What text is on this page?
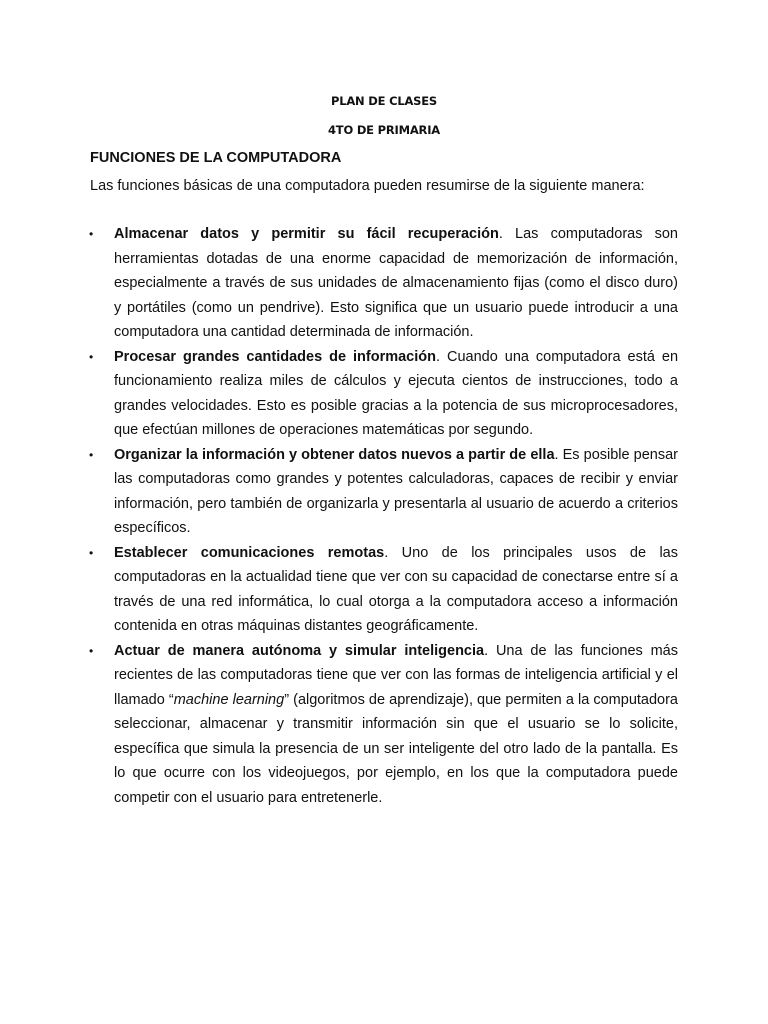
PLAN DE CLASES
4TO DE PRIMARIA
FUNCIONES DE LA COMPUTADORA
Las funciones básicas de una computadora pueden resumirse de la siguiente manera:
• Almacenar datos y permitir su fácil recuperación. Las computadoras son herramientas dotadas de una enorme capacidad de memorización de información, especialmente a través de sus unidades de almacenamiento fijas (como el disco duro) y portátiles (como un pendrive). Esto significa que un usuario puede introducir a una computadora una cantidad determinada de información.
• Procesar grandes cantidades de información. Cuando una computadora está en funcionamiento realiza miles de cálculos y ejecuta cientos de instrucciones, todo a grandes velocidades. Esto es posible gracias a la potencia de sus microprocesadores, que efectúan millones de operaciones matemáticas por segundo.
• Organizar la información y obtener datos nuevos a partir de ella. Es posible pensar las computadoras como grandes y potentes calculadoras, capaces de recibir y enviar información, pero también de organizarla y presentarla al usuario de acuerdo a criterios específicos.
• Establecer comunicaciones remotas. Uno de los principales usos de las computadoras en la actualidad tiene que ver con su capacidad de conectarse entre sí a través de una red informática, lo cual otorga a la computadora acceso a información contenida en otras máquinas distantes geográficamente.
• Actuar de manera autónoma y simular inteligencia. Una de las funciones más recientes de las computadoras tiene que ver con las formas de inteligencia artificial y el llamado “machine learning” (algoritmos de aprendizaje), que permiten a la computadora seleccionar, almacenar y transmitir información sin que el usuario se lo solicite, específica que simula la presencia de un ser inteligente del otro lado de la pantalla. Es lo que ocurre con los videojuegos, por ejemplo, en los que la computadora puede competir con el usuario para entretenerle.
